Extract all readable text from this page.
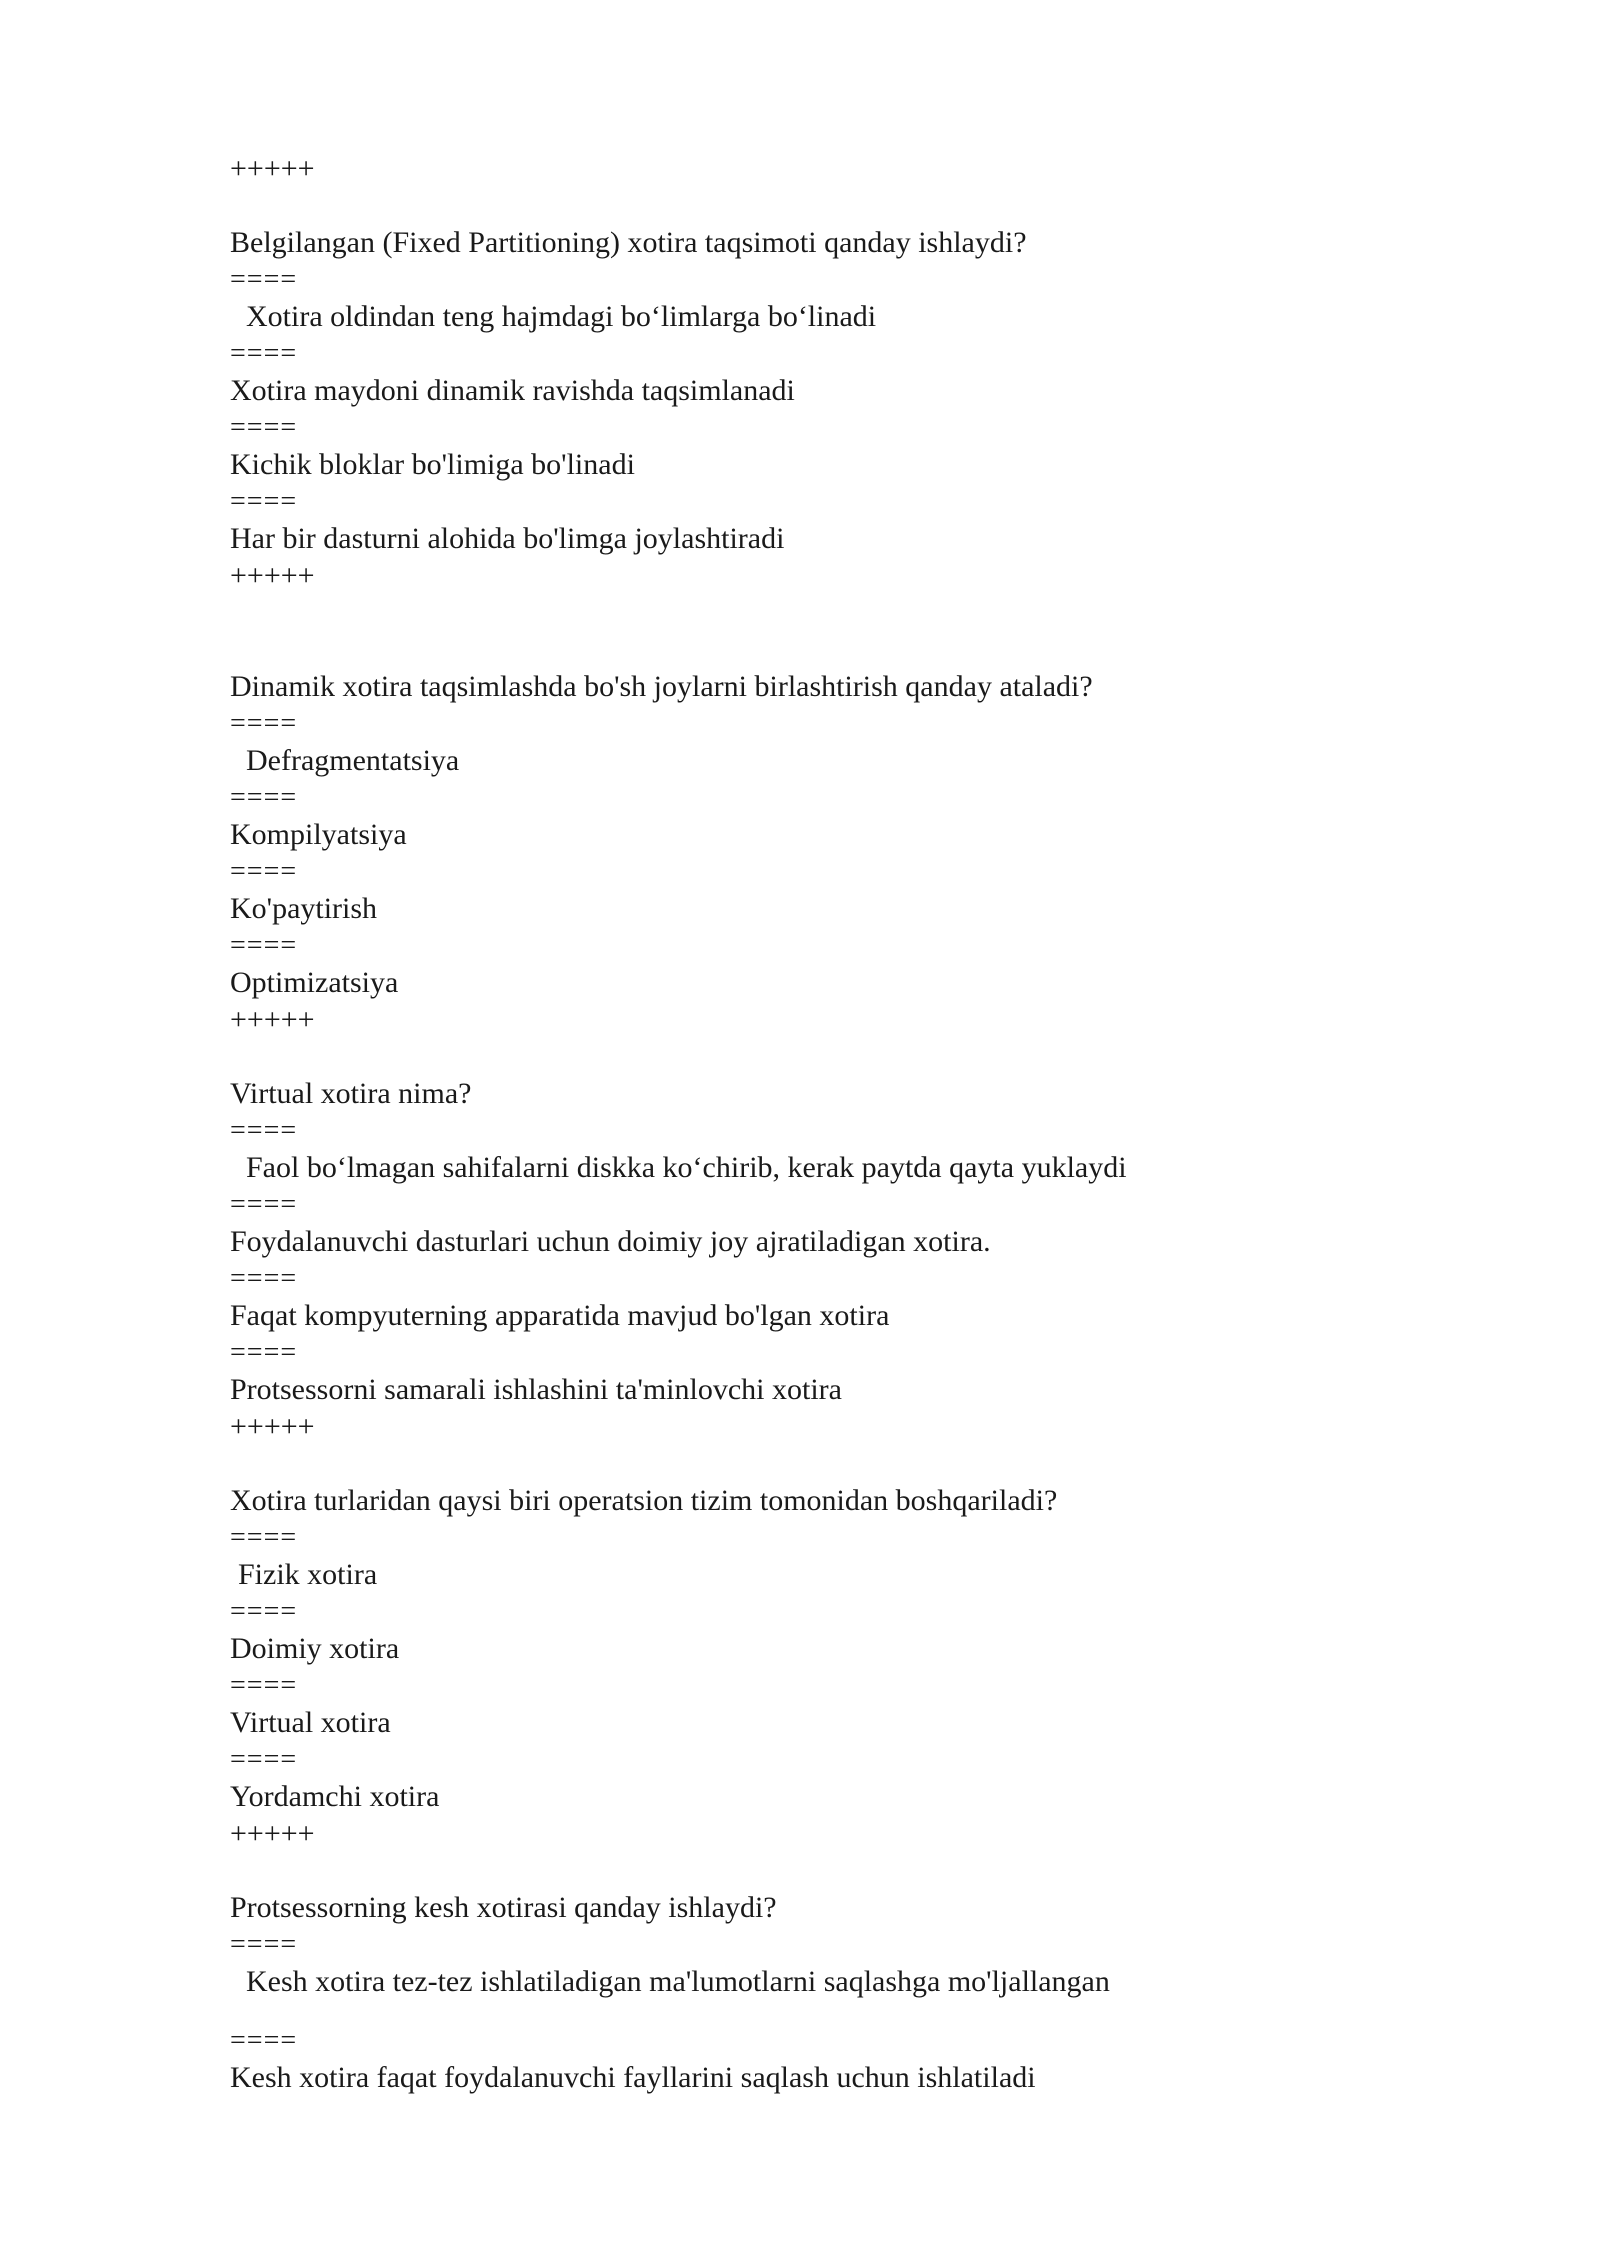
+++++
Belgilangan (Fixed Partitioning) xotira taqsimoti qanday ishlaydi?
====
Xotira oldindan teng hajmdagi bo‘limlarga bo‘linadi
====
Xotira maydoni dinamik ravishda taqsimlanadi
====
Kichik bloklar bo'limiga bo'linadi
====
Har bir dasturni alohida bo'limga joylashtiradi
+++++
Dinamik xotira taqsimlashda bo'sh joylarni birlashtirish qanday ataladi?
====
Defragmentatsiya
====
Kompilyatsiya
====
Ko'paytirish
====
Optimizatsiya
+++++
Virtual xotira nima?
====
Faol bo‘lmagan sahifalarni diskka ko‘chirib, kerak paytda qayta yuklaydi
====
Foydalanuvchi dasturlari uchun doimiy joy ajratiladigan xotira.
====
Faqat kompyuterning apparatida mavjud bo'lgan xotira
====
Protsessorni samarali ishlashini ta'minlovchi xotira
+++++
Xotira turlaridan qaysi biri operatsion tizim tomonidan boshqariladi?
====
Fizik xotira
====
Doimiy xotira
====
Virtual xotira
====
Yordamchi xotira
+++++
Protsessorning kesh xotirasi qanday ishlaydi?
====
Kesh xotira tez-tez ishlatiladigan ma'lumotlarni saqlashga mo'ljallangan
====
Kesh xotira faqat foydalanuvchi fayllarini saqlash uchun ishlatiladi
